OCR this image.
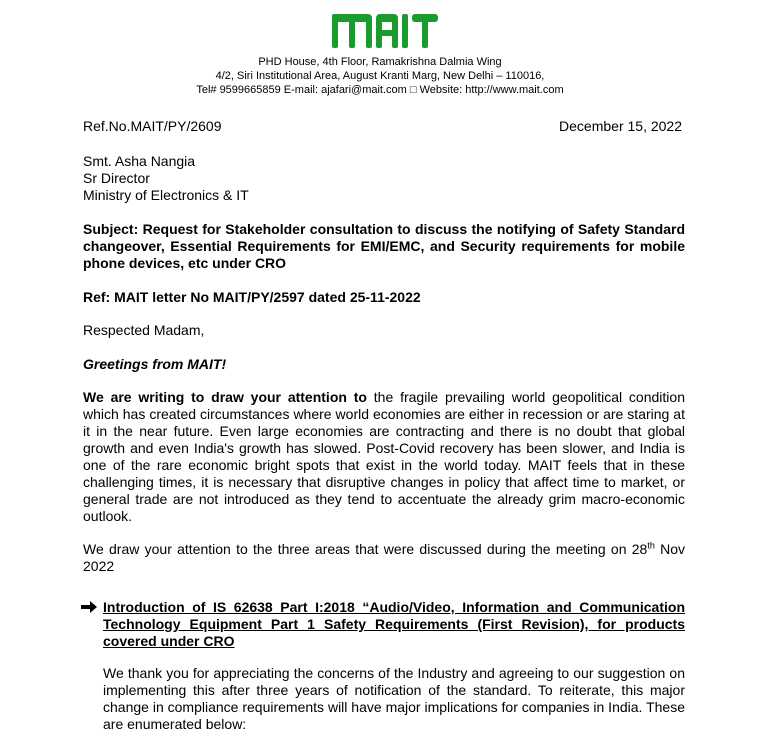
PHD House, 4th Floor, Ramakrishna Dalmia Wing
4/2, Siri Institutional Area, August Kranti Marg, New Delhi – 110016,
Tel# 9599665859 E-mail: ajafari@mait.com □ Website: http://www.mait.com
Ref.No.MAIT/PY/2609	December 15, 2022
Smt. Asha Nangia
Sr Director
Ministry of Electronics & IT
Subject: Request for Stakeholder consultation to discuss the notifying of Safety Standard changeover, Essential Requirements for EMI/EMC, and Security requirements for mobile phone devices, etc under CRO
Ref: MAIT letter No MAIT/PY/2597 dated 25-11-2022
Respected Madam,
Greetings from MAIT!
We are writing to draw your attention to the fragile prevailing world geopolitical condition which has created circumstances where world economies are either in recession or are staring at it in the near future. Even large economies are contracting and there is no doubt that global growth and even India's growth has slowed. Post-Covid recovery has been slower, and India is one of the rare economic bright spots that exist in the world today. MAIT feels that in these challenging times, it is necessary that disruptive changes in policy that affect time to market, or general trade are not introduced as they tend to accentuate the already grim macro-economic outlook.
We draw your attention to the three areas that were discussed during the meeting on 28th Nov 2022
Introduction of IS 62638 Part I:2018 “Audio/Video, Information and Communication Technology Equipment Part 1 Safety Requirements (First Revision), for products covered under CRO
We thank you for appreciating the concerns of the Industry and agreeing to our suggestion on implementing this after three years of notification of the standard. To reiterate, this major change in compliance requirements will have major implications for companies in India. These are enumerated below:
